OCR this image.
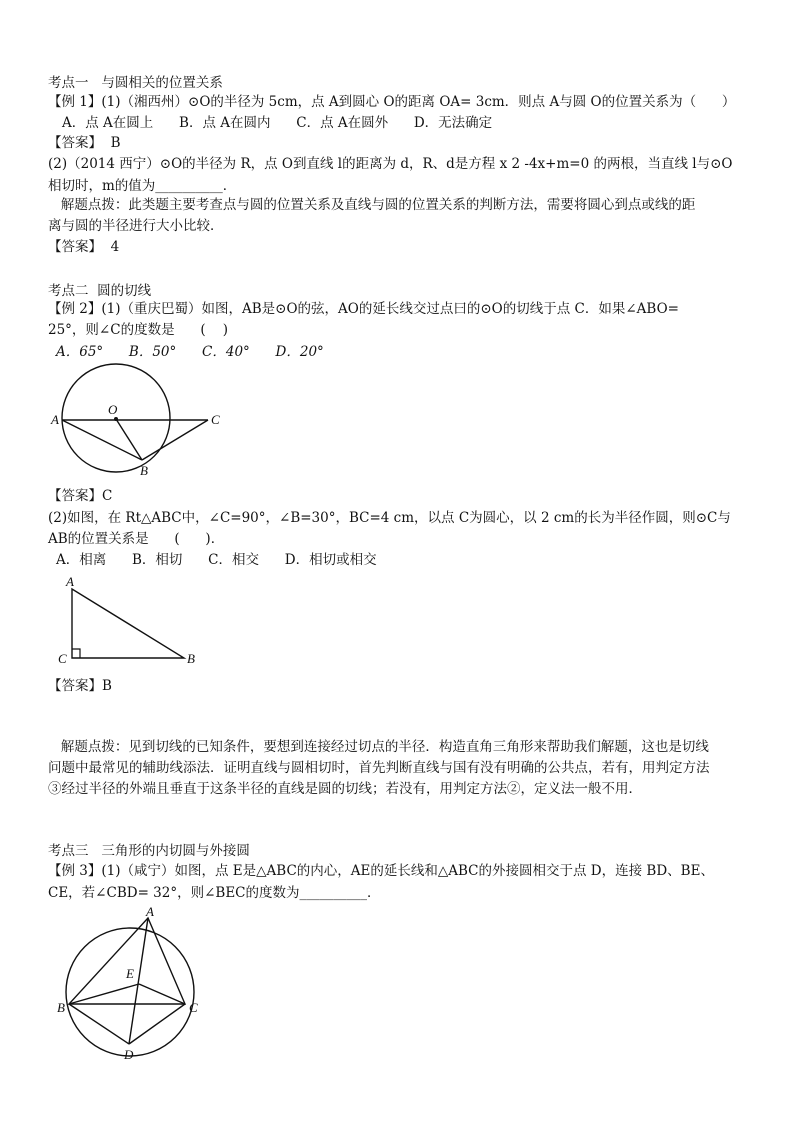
考点一   与圆相关的位置关系
【例 1】(1)（湘西州）⊙O的半径为 5cm，点 A到圆心 O的距离 OA= 3cm．则点 A与圆 O的位置关系为（      ）
A．点 A在圆上      B．点 A在圆内      C．点 A在圆外      D．无法确定
【答案】  B
(2)（2014 西宁）⊙O的半径为 R，点 O到直线 l的距离为 d，R、d是方程 x 2 -4x+m=0 的两根，当直线 l与⊙O
相切时，m的值为__________．
解题点拨：此类题主要考查点与圆的位置关系及直线与圆的位置关系的判断方法，需要将圆心到点或线的距
离与圆的半径进行大小比较．
【答案】  4
考点二  圆的切线
【例 2】(1)（重庆巴蜀）如图，AB是⊙O的弦，AO的延长线交过点曰的⊙O的切线于点 C．如果∠ABO=
25°，则∠C的度数是      (    )
A．65°      B．50°      C．40°      D．20°
A
O
C
B
【答案】C
(2)如图，在 Rt△ABC中，∠C=90°，∠B=30°，BC=4 cm，以点 C为圆心，以 2 cm的长为半径作圆，则⊙C与
AB的位置关系是      (      )．
A．相离      B．相切      C．相交      D．相切或相交
A
C	B
【答案】B
解题点拨：见到切线的已知条件，要想到连接经过切点的半径．构造直角三角形来帮助我们解题，这也是切线
问题中最常见的辅助线添法．证明直线与圆相切时，首先判断直线与国有没有明确的公共点，若有，用判定方法
③经过半径的外端且垂直于这条半径的直线是圆的切线；若没有，用判定方法②，定义法一般不用．
考点三   三角形的内切圆与外接圆
【例 3】(1)（咸宁）如图，点 E是△ABC的内心，AE的延长线和△ABC的外接圆相交于点 D，连接 BD、BE、
CE，若∠CBD= 32°，则∠BEC的度数为__________．
A
E
B	C
D
